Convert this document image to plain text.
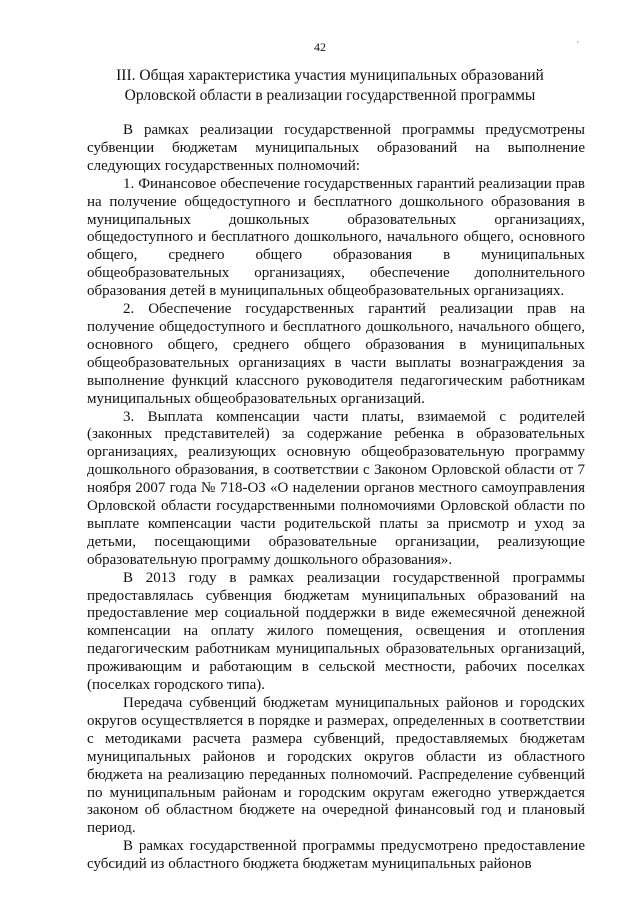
42	'
III. Общая характеристика участия муниципальных образований Орловской области в реализации государственной программы

В рамках реализации государственной программы предусмотрены субвенции бюджетам муниципальных образований на выполнение следующих государственных полномочий:

1. Финансовое обеспечение государственных гарантий реализации прав на получение общедоступного и бесплатного дошкольного образования в муниципальных дошкольных образовательных организациях, общедоступного и бесплатного дошкольного, начального общего, основного общего, среднего общего образования в муниципальных общеобразовательных организациях, обеспечение дополнительного образования детей в муниципальных общеобразовательных организациях.

2. Обеспечение государственных гарантий реализации прав на получение общедоступного и бесплатного дошкольного, начального общего, основного общего, среднего общего образования в муниципальных общеобразовательных организациях в части выплаты вознаграждения за выполнение функций классного руководителя педагогическим работникам муниципальных общеобразовательных организаций.

3. Выплата компенсации части платы, взимаемой с родителей (законных представителей) за содержание ребенка в образовательных организациях, реализующих основную общеобразовательную программу дошкольного образования, в соответствии с Законом Орловской области от 7 ноября 2007 года № 718-ОЗ «О наделении органов местного самоуправления Орловской области государственными полномочиями Орловской области по выплате компенсации части родительской платы за присмотр и уход за детьми, посещающими образовательные организации, реализующие образовательную программу дошкольного образования».

В 2013 году в рамках реализации государственной программы предоставлялась субвенция бюджетам муниципальных образований на предоставление мер социальной поддержки в виде ежемесячной денежной компенсации на оплату жилого помещения, освещения и отопления педагогическим работникам муниципальных образовательных организаций, проживающим и работающим в сельской местности, рабочих поселках (поселках городского типа).

Передача субвенций бюджетам муниципальных районов и городских округов осуществляется в порядке и размерах, определенных в соответствии с методиками расчета размера субвенций, предоставляемых бюджетам муниципальных районов и городских округов области из областного бюджета на реализацию переданных полномочий. Распределение субвенций по муниципальным районам и городским округам ежегодно утверждается законом об областном бюджете на очередной финансовый год и плановый период.

В рамках государственной программы предусмотрено предоставление субсидий из областного бюджета бюджетам муниципальных районов
